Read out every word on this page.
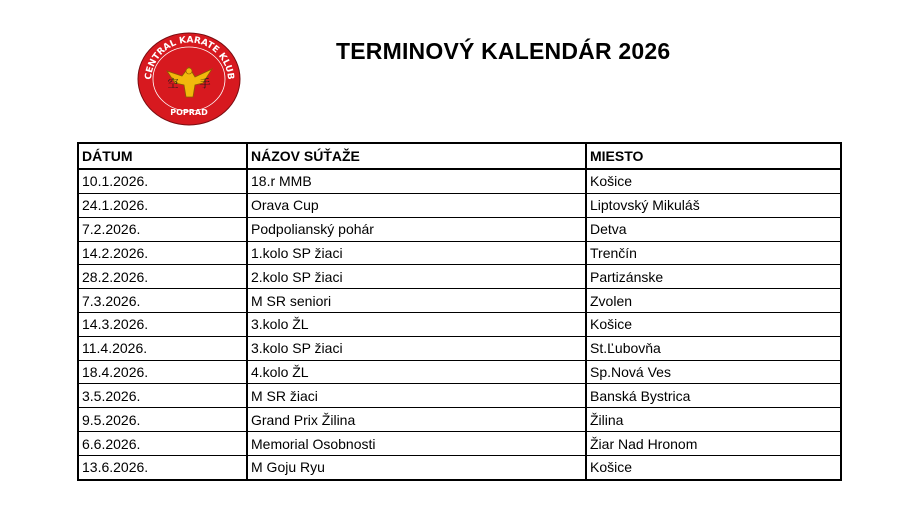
CENTRAL KARATE KLUB
空 手
POPRAD
TERMINOVÝ KALENDÁR 2026
DÁTUM	NÁZOV SÚŤAŽE	MIESTO
10.1.2026.	18.r MMB	Košice
24.1.2026.	Orava Cup	Liptovský Mikuláš
7.2.2026.	Podpolianský pohár	Detva
14.2.2026.	1.kolo SP žiaci	Trenčín
28.2.2026.	2.kolo SP žiaci	Partizánske
7.3.2026.	M SR seniori	Zvolen
14.3.2026.	3.kolo ŽL	Košice
11.4.2026.	3.kolo SP žiaci	St.Ľubovňa
18.4.2026.	4.kolo ŽL	Sp.Nová Ves
3.5.2026.	M SR žiaci	Banská Bystrica
9.5.2026.	Grand Prix Žilina	Žilina
6.6.2026.	Memorial Osobnosti	Žiar Nad Hronom
13.6.2026.	M Goju Ryu	Košice
